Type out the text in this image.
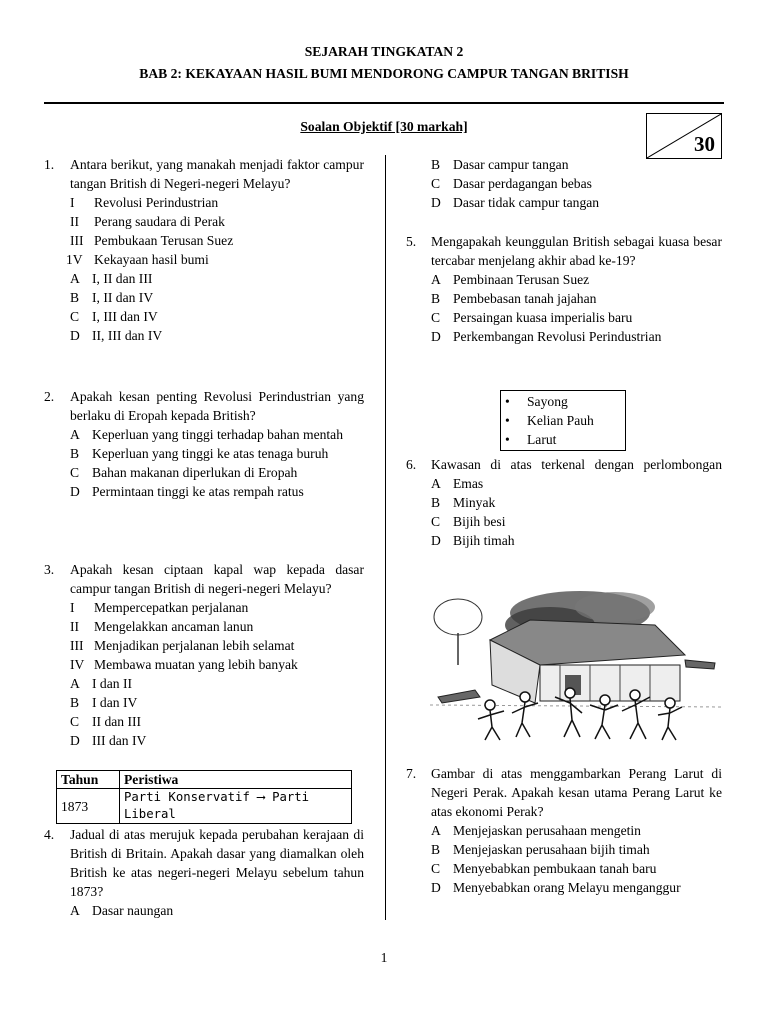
SEJARAH TINGKATAN 2
BAB 2: KEKAYAAN HASIL BUMI MENDORONG CAMPUR TANGAN BRITISH
Soalan Objektif [30 markah]
30
1.	Antara berikut, yang manakah menjadi faktor campur tangan British di Negeri-negeri Melayu?
I	Revolusi Perindustrian
II	Perang saudara di Perak
III Pembukaan Terusan Suez
1V Kekayaan hasil bumi
A I, II dan III
B I, II dan IV
C I, III dan IV
D II, III dan IV
2.	Apakah kesan penting Revolusi Perindustrian yang berlaku di Eropah kepada British?
A Keperluan yang tinggi terhadap bahan mentah
B Keperluan yang tinggi ke atas tenaga buruh
C Bahan makanan diperlukan di Eropah
D Permintaan tinggi ke atas rempah ratus
3.	Apakah kesan ciptaan kapal wap kepada dasar campur tangan British di negeri-negeri Melayu?
I	Mempercepatkan perjalanan
II	Mengelakkan ancaman lanun
III Menjadikan perjalanan lebih selamat
IV Membawa muatan yang lebih banyak
A I dan II
B I dan IV
C II dan III
D III dan IV
Tahun	Peristiwa
1873	Parti Konservatif ⟶ Parti Liberal
4.	Jadual di atas merujuk kepada perubahan kerajaan di British di Britain. Apakah dasar yang diamalkan oleh British ke atas negeri-negeri Melayu sebelum tahun 1873?
A Dasar naungan
B Dasar campur tangan
C Dasar perdagangan bebas
D Dasar tidak campur tangan
5.	Mengapakah keunggulan British sebagai kuasa besar tercabar menjelang akhir abad ke-19?
A Pembinaan Terusan Suez
B Pembebasan tanah jajahan
C Persaingan kuasa imperialis baru
D Perkembangan Revolusi Perindustrian
•	Sayong
•	Kelian Pauh
•	Larut
6.	Kawasan di atas terkenal dengan perlombongan
A Emas
B Minyak
C Bijih besi
D Bijih timah
7.	Gambar di atas menggambarkan Perang Larut di Negeri Perak. Apakah kesan utama Perang Larut ke atas ekonomi Perak?
A Menjejaskan perusahaan mengetin
B Menjejaskan perusahaan bijih timah
C Menyebabkan pembukaan tanah baru
D Menyebabkan orang Melayu menganggur
1
